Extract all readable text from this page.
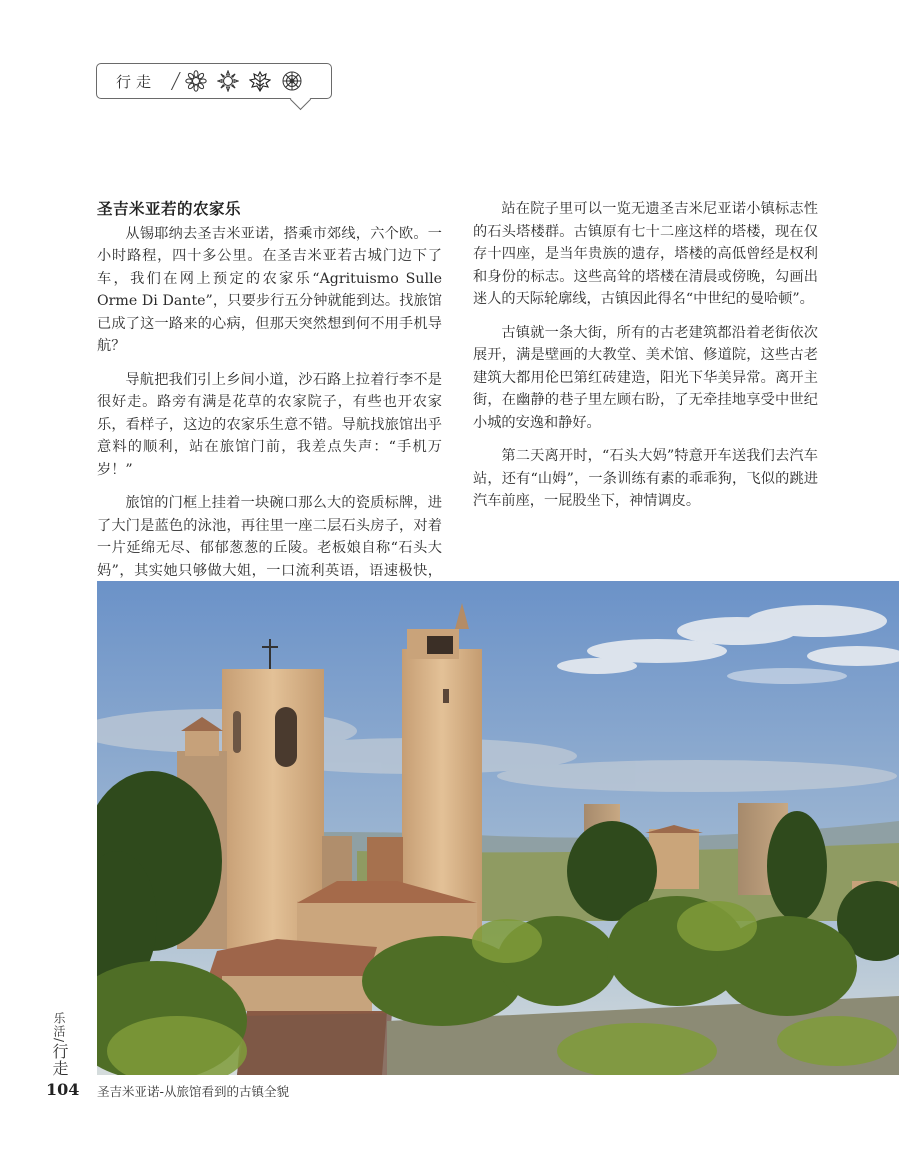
行走 /
圣吉米亚若的农家乐

从锡耶纳去圣吉米亚诺，搭乘市郊线，六个欧。一小时路程，四十多公里。在圣吉米亚若古城门边下了车，我们在网上预定的农家乐“Agrituismo Sulle Orme Di Dante”，只要步行五分钟就能到达。找旅馆已成了这一路来的心病，但那天突然想到何不用手机导航？

导航把我们引上乡间小道，沙石路上拉着行李不是很好走。路旁有满是花草的农家院子，有些也开农家乐，看样子，这边的农家乐生意不错。导航找旅馆出乎意料的顺利，站在旅馆门前，我差点失声：“手机万岁！”

旅馆的门框上挂着一块碗口那么大的瓷质标牌，进了大门是蓝色的泳池，再往里一座二层石头房子，对着一片延绵无尽、郁郁葱葱的丘陵。老板娘自称“石头大妈”，其实她只够做大姐，一口流利英语，语速极快，

站在院子里可以一览无遗圣吉米尼亚诺小镇标志性的石头塔楼群。古镇原有七十二座这样的塔楼，现在仅存十四座，是当年贵族的遗存，塔楼的高低曾经是权利和身份的标志。这些高耸的塔楼在清晨或傍晚，勾画出迷人的天际轮廓线，古镇因此得名“中世纪的曼哈顿”。

古镇就一条大街，所有的古老建筑都沿着老街依次展开，满是壁画的大教堂、美术馆、修道院，这些古老建筑大都用伦巴第红砖建造，阳光下华美异常。离开主街，在幽静的巷子里左顾右盼，了无牵挂地享受中世纪小城的安逸和静好。

第二天离开时，“石头大妈”特意开车送我们去汽车站，还有“山姆”，一条训练有素的乖乖狗，飞似的跳进汽车前座，一屁股坐下，神情调皮。

乐活/行走
104 圣吉米亚诺-从旅馆看到的古镇全貌
